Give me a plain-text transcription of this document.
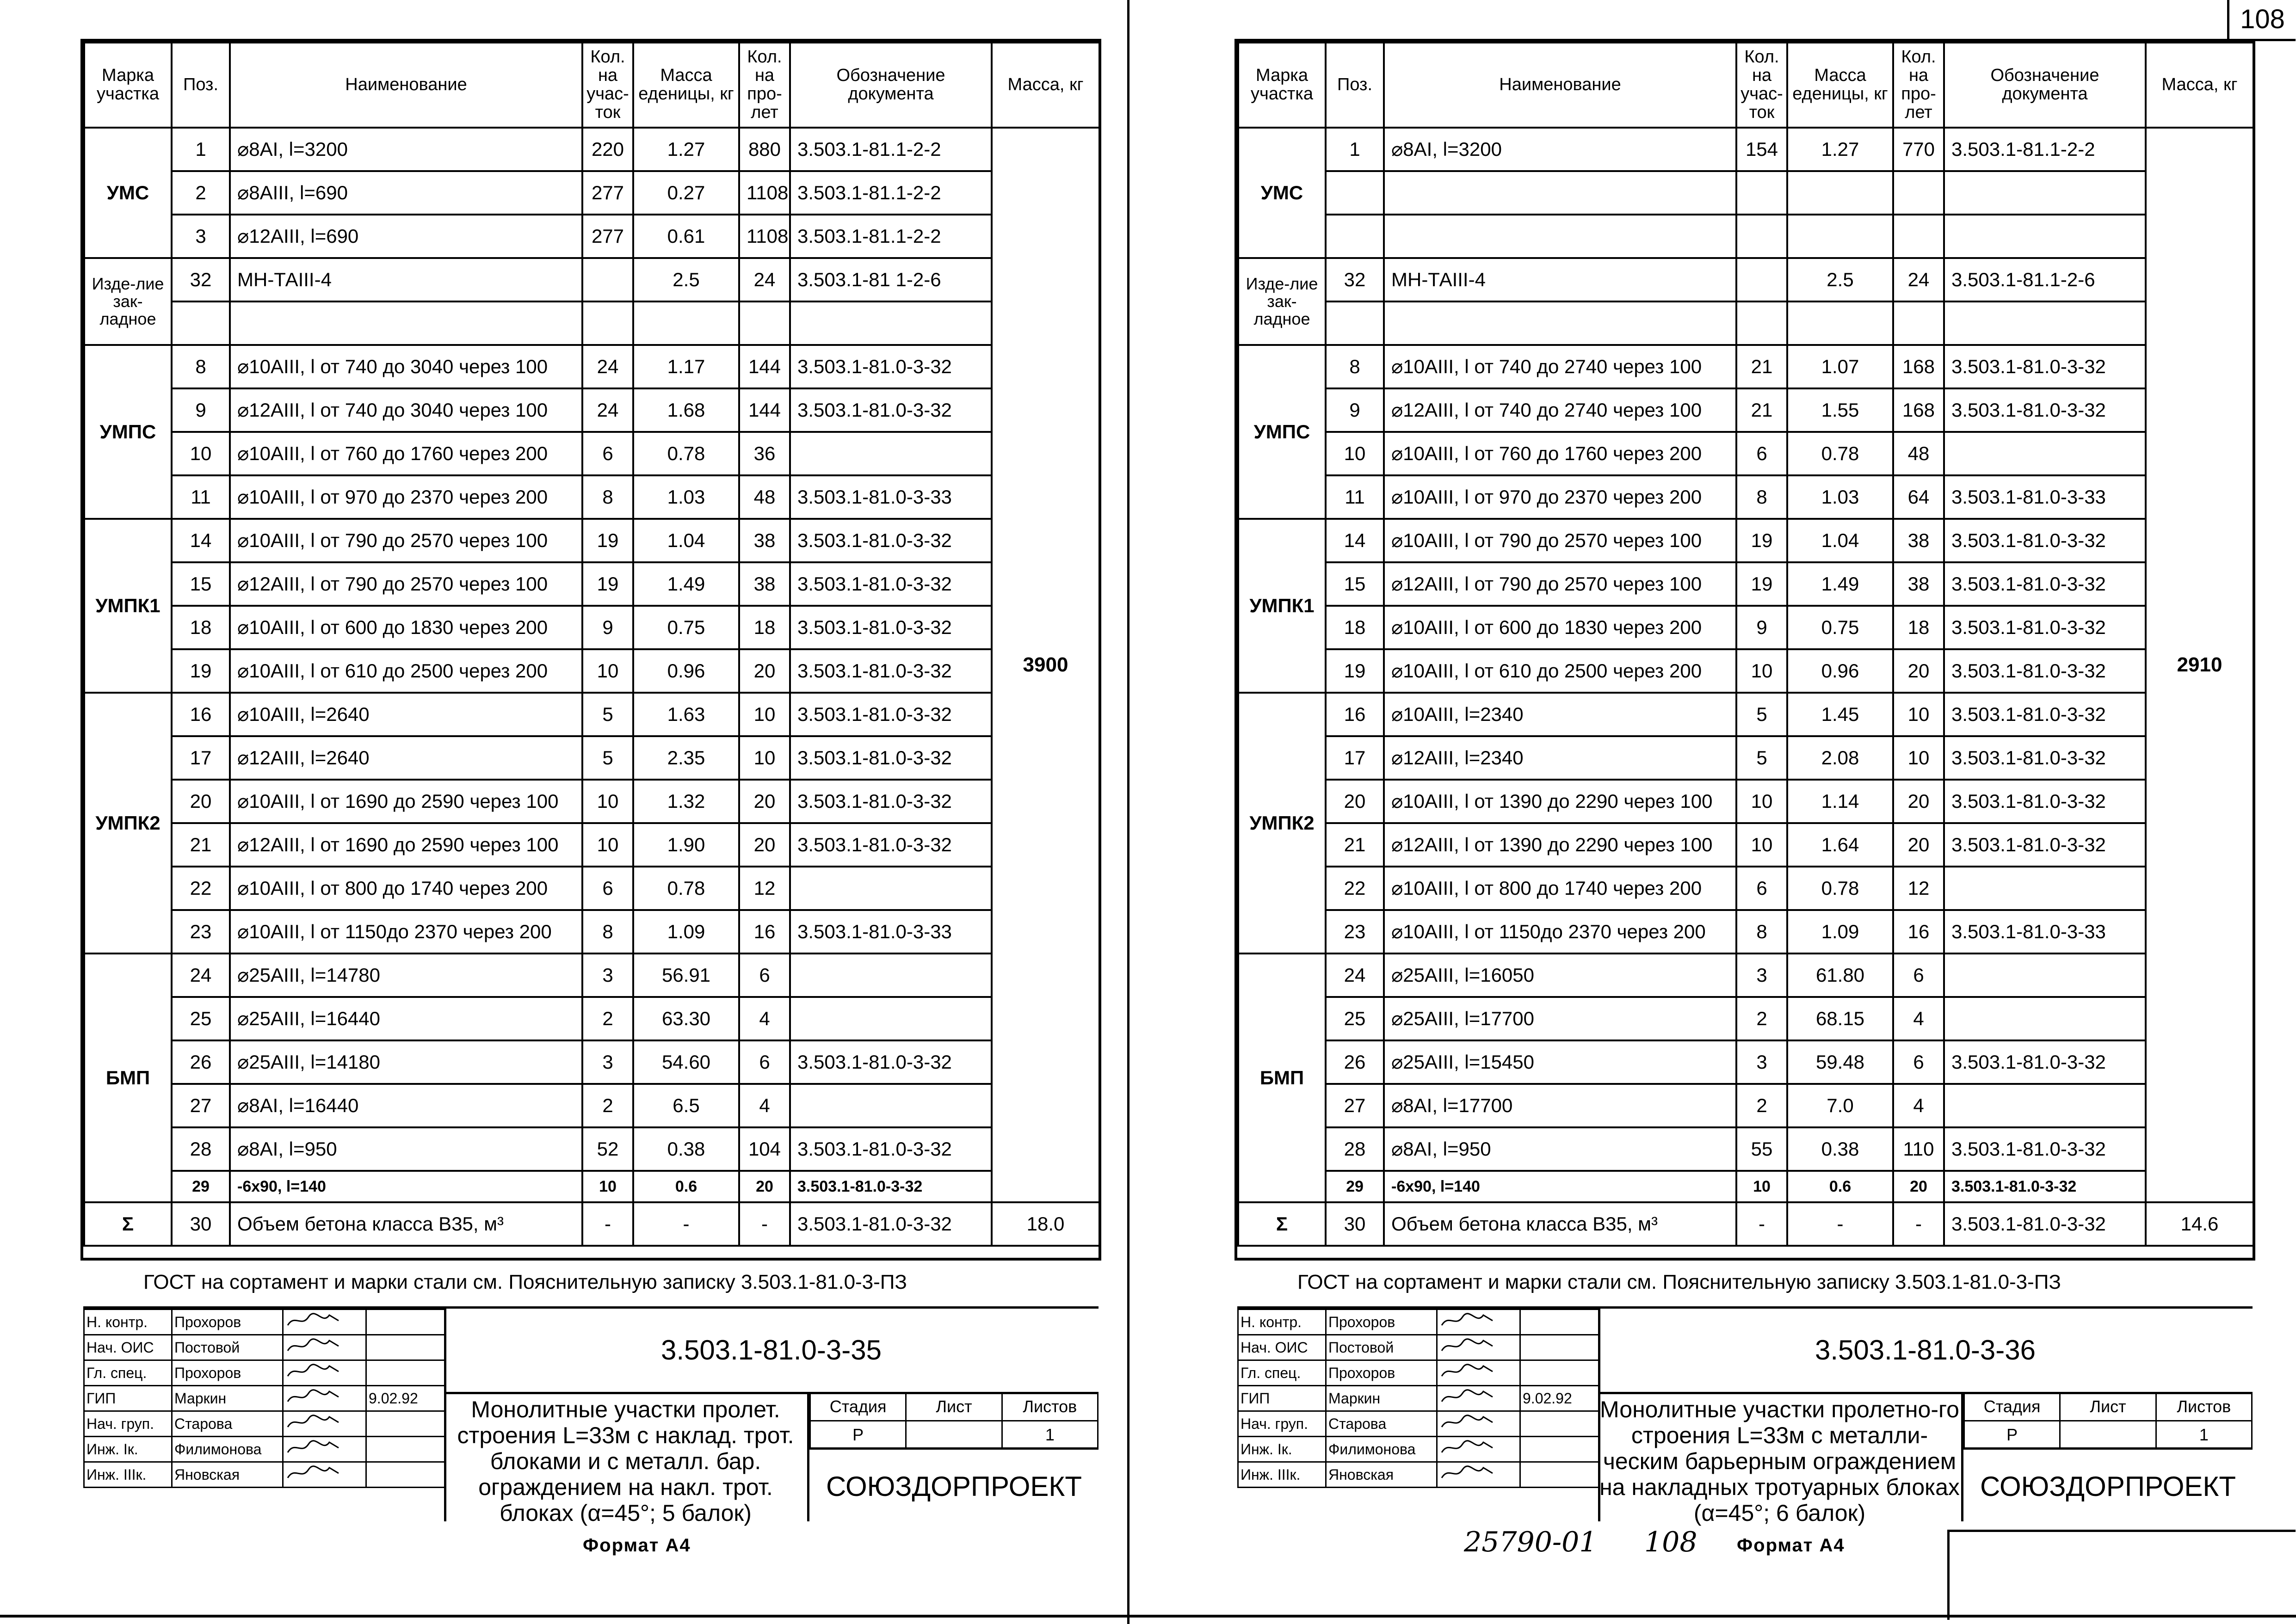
108
Марка участка	Поз.	Наименование	Кол. на учас-ток	Масса еденицы, кг	Кол. на про-лет	Обозначение документа	Масса, кг
УМС	1	⌀8AI, l=3200	220	1.27	880	3.503.1-81.1-2-2	3900
	2	⌀8AIII, l=690	277	0.27	1108	3.503.1-81.1-2-2	
	3	⌀12AIII, l=690	277	0.61	1108	3.503.1-81.1-2-2	
Изде-лие зак-ладное	32	МН-ТАIII-4		2.5	24	3.503.1-81 1-2-6	

УМПС	8	⌀10AIII, l от 740 до 3040 через 100	24	1.17	144	3.503.1-81.0-3-32	
	9	⌀12AIII, l от 740 до 3040 через 100	24	1.68	144	3.503.1-81.0-3-32	
	10	⌀10AIII, l от 760 до 1760 через 200	6	0.78	36		
	11	⌀10AIII, l от 970 до 2370 через 200	8	1.03	48	3.503.1-81.0-3-33	
УМПК1	14	⌀10AIII, l от 790 до 2570 через 100	19	1.04	38	3.503.1-81.0-3-32	
	15	⌀12AIII, l от 790 до 2570 через 100	19	1.49	38	3.503.1-81.0-3-32	
	18	⌀10AIII, l от 600 до 1830 через 200	9	0.75	18	3.503.1-81.0-3-32	
	19	⌀10AIII, l от 610 до 2500 через 200	10	0.96	20	3.503.1-81.0-3-32	
УМПК2	16	⌀10AIII, l=2640	5	1.63	10	3.503.1-81.0-3-32	
	17	⌀12AIII, l=2640	5	2.35	10	3.503.1-81.0-3-32	
	20	⌀10AIII, l от 1690 до 2590 через 100	10	1.32	20	3.503.1-81.0-3-32	
	21	⌀12AIII, l от 1690 до 2590 через 100	10	1.90	20	3.503.1-81.0-3-32	
	22	⌀10AIII, l от 800 до 1740 через 200	6	0.78	12		
	23	⌀10AIII, l от 1150до 2370 через 200	8	1.09	16	3.503.1-81.0-3-33	
БМП	24	⌀25AIII, l=14780	3	56.91	6		
	25	⌀25AIII, l=16440	2	63.30	4		
	26	⌀25AIII, l=14180	3	54.60	6	3.503.1-81.0-3-32	
	27	⌀8AI, l=16440	2	6.5	4		
	28	⌀8AI, l=950	52	0.38	104	3.503.1-81.0-3-32	
	29	-6x90, l=140	10	0.6	20	3.503.1-81.0-3-32	
Σ	30	Объем бетона класса В35, м³	-	-	-	3.503.1-81.0-3-32	18.0
ГОСТ на сортамент и марки стали см. Пояснительную записку 3.503.1-81.0-3-ПЗ
Н. контр.	Прохоров		
Нач. ОИС	Постовой		
Гл. спец.	Прохоров		
ГИП	Маркин		9.02.92
Нач. груп.	Старова		
Инж. Iк.	Филимонова		
Инж. IIIк.	Яновская		
3.503.1-81.0-3-35
Монолитные участки пролет. строения L=33м с наклад. трот. блоками и с металл. бар. ограждением на накл. трот. блоках (α=45°; 5 балок)
Стадия	Лист	Листов
Р		1
СОЮЗДОРПРОЕКТ
Формат А4
Марка участка	Поз.	Наименование	Кол. на учас-ток	Масса еденицы, кг	Кол. на про-лет	Обозначение документа	Масса, кг
УМС	1	⌀8AI, l=3200	154	1.27	770	3.503.1-81.1-2-2	2910

Изде-лие зак-ладное	32	МН-ТАIII-4		2.5	24	3.503.1-81.1-2-6	

УМПС	8	⌀10AIII, l от 740 до 2740 через 100	21	1.07	168	3.503.1-81.0-3-32	
	9	⌀12AIII, l от 740 до 2740 через 100	21	1.55	168	3.503.1-81.0-3-32	
	10	⌀10AIII, l от 760 до 1760 через 200	6	0.78	48		
	11	⌀10AIII, l от 970 до 2370 через 200	8	1.03	64	3.503.1-81.0-3-33	
УМПК1	14	⌀10AIII, l от 790 до 2570 через 100	19	1.04	38	3.503.1-81.0-3-32	
	15	⌀12AIII, l от 790 до 2570 через 100	19	1.49	38	3.503.1-81.0-3-32	
	18	⌀10AIII, l от 600 до 1830 через 200	9	0.75	18	3.503.1-81.0-3-32	
	19	⌀10AIII, l от 610 до 2500 через 200	10	0.96	20	3.503.1-81.0-3-32	
УМПК2	16	⌀10AIII, l=2340	5	1.45	10	3.503.1-81.0-3-32	
	17	⌀12AIII, l=2340	5	2.08	10	3.503.1-81.0-3-32	
	20	⌀10AIII, l от 1390 до 2290 через 100	10	1.14	20	3.503.1-81.0-3-32	
	21	⌀12AIII, l от 1390 до 2290 через 100	10	1.64	20	3.503.1-81.0-3-32	
	22	⌀10AIII, l от 800 до 1740 через 200	6	0.78	12		
	23	⌀10AIII, l от 1150до 2370 через 200	8	1.09	16	3.503.1-81.0-3-33	
БМП	24	⌀25AIII, l=16050	3	61.80	6		
	25	⌀25AIII, l=17700	2	68.15	4		
	26	⌀25AIII, l=15450	3	59.48	6	3.503.1-81.0-3-32	
	27	⌀8AI, l=17700	2	7.0	4		
	28	⌀8AI, l=950	55	0.38	110	3.503.1-81.0-3-32	
	29	-6x90, l=140	10	0.6	20	3.503.1-81.0-3-32	
Σ	30	Объем бетона класса В35, м³	-	-	-	3.503.1-81.0-3-32	14.6
ГОСТ на сортамент и марки стали см. Пояснительную записку 3.503.1-81.0-3-ПЗ
Н. контр.	Прохоров		
Нач. ОИС	Постовой		
Гл. спец.	Прохоров		
ГИП	Маркин		9.02.92
Нач. груп.	Старова		
Инж. Iк.	Филимонова		
Инж. IIIк.	Яновская		
3.503.1-81.0-3-36
Монолитные участки пролетно-го строения L=33м с металли-ческим барьерным ограждением на накладных тротуарных блоках (α=45°; 6 балок)
Стадия	Лист	Листов
Р		1
СОЮЗДОРПРОЕКТ
25790-01 108 Формат А4
